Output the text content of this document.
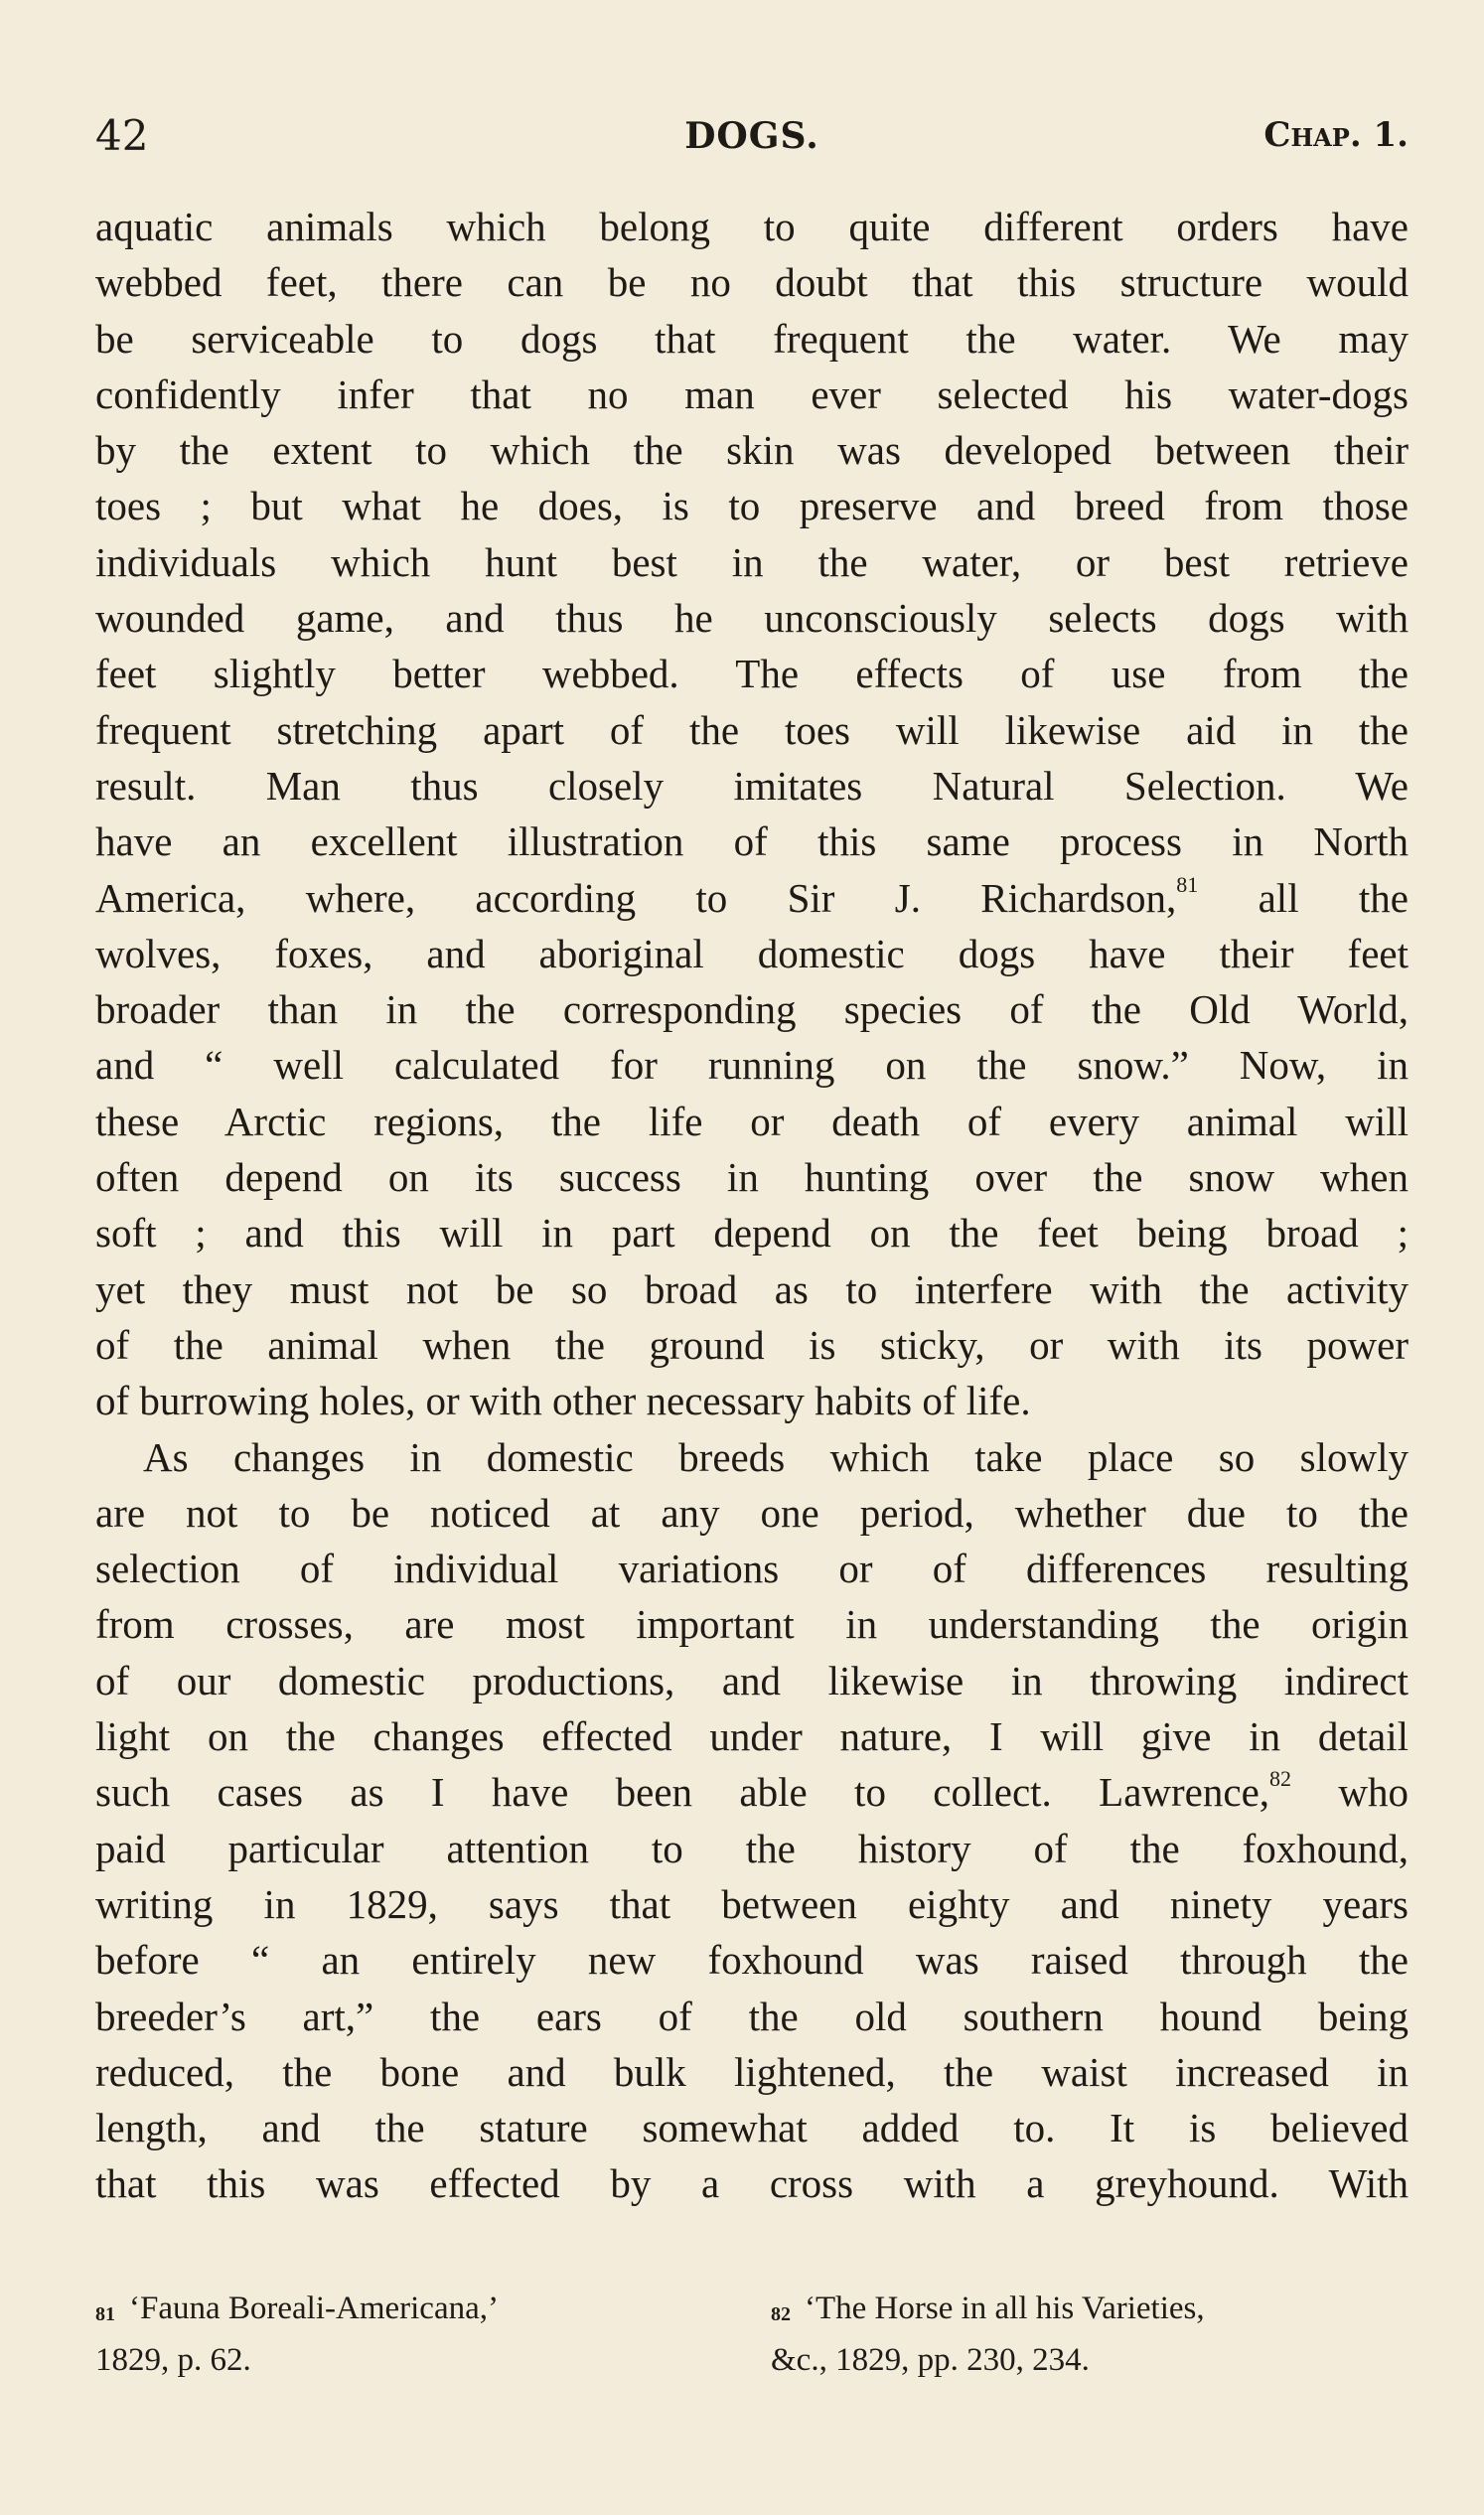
42	DOGS.	Chap. 1.
aquatic animals which belong to quite different orders have
webbed feet, there can be no doubt that this structure would
be serviceable to dogs that frequent the water. We may
confidently infer that no man ever selected his water-dogs
by the extent to which the skin was developed between their
toes ; but what he does, is to preserve and breed from those
individuals which hunt best in the water, or best retrieve
wounded game, and thus he unconsciously selects dogs with
feet slightly better webbed. The effects of use from the
frequent stretching apart of the toes will likewise aid in the
result. Man thus closely imitates Natural Selection. We
have an excellent illustration of this same process in North
America, where, according to Sir J. Richardson,$^{81}$ all the
wolves, foxes, and aboriginal domestic dogs have their feet
broader than in the corresponding species of the Old World,
and “ well calculated for running on the snow.” Now, in
these Arctic regions, the life or death of every animal will
often depend on its success in hunting over the snow when
soft ; and this will in part depend on the feet being broad ;
yet they must not be so broad as to interfere with the activity
of the animal when the ground is sticky, or with its power
of burrowing holes, or with other necessary habits of life.
As changes in domestic breeds which take place so slowly
are not to be noticed at any one period, whether due to the
selection of individual variations or of differences resulting
from crosses, are most important in understanding the origin
of our domestic productions, and likewise in throwing indirect
light on the changes effected under nature, I will give in detail
such cases as I have been able to collect. Lawrence,$^{82}$ who
paid particular attention to the history of the foxhound,
writing in 1829, says that between eighty and ninety years
before “ an entirely new foxhound was raised through the
breeder’s art,” the ears of the old southern hound being
reduced, the bone and bulk lightened, the waist increased in
length, and the stature somewhat added to. It is believed
that this was effected by a cross with a greyhound. With
$^{81}$ ‘Fauna Boreali-Americana,’
1829, p. 62.
$^{82}$ ‘The Horse in all his Varieties,
&c., 1829, pp. 230, 234.
